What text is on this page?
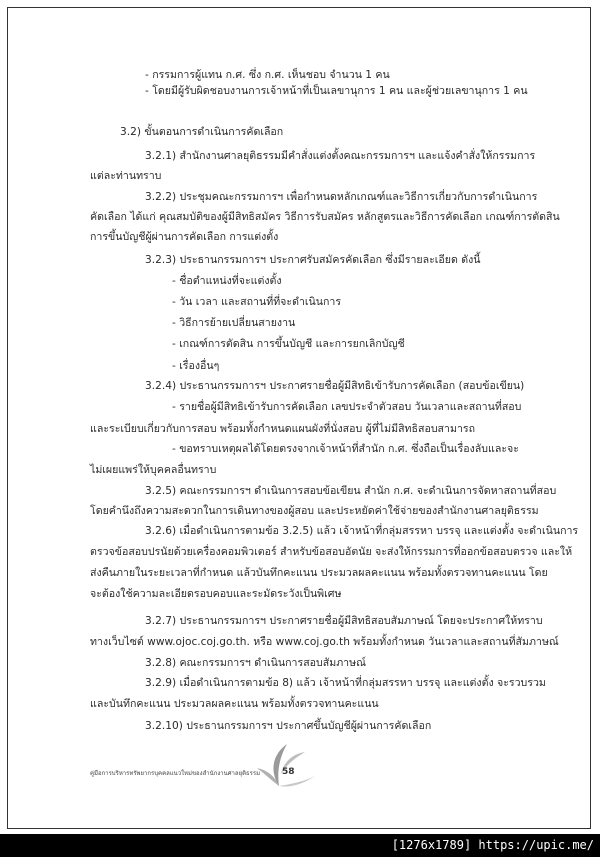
- กรรมการผู้แทน ก.ศ. ซึ่ง ก.ศ. เห็นชอบ จำนวน 1 คน
- โดยมีผู้รับผิดชอบงานการเจ้าหน้าที่เป็นเลขานุการ 1 คน และผู้ช่วยเลขานุการ 1 คน
3.2) ขั้นตอนการดำเนินการคัดเลือก
3.2.1) สำนักงานศาลยุติธรรมมีคำสั่งแต่งตั้งคณะกรรมการฯ และแจ้งคำสั่งให้กรรมการ
แต่ละท่านทราบ
3.2.2) ประชุมคณะกรรมการฯ เพื่อกำหนดหลักเกณฑ์และวิธีการเกี่ยวกับการดำเนินการ
คัดเลือก ได้แก่ คุณสมบัติของผู้มีสิทธิสมัคร วิธีการรับสมัคร หลักสูตรและวิธีการคัดเลือก เกณฑ์การตัดสิน
การขึ้นบัญชีผู้ผ่านการคัดเลือก การแต่งตั้ง
3.2.3) ประธานกรรมการฯ ประกาศรับสมัครคัดเลือก ซึ่งมีรายละเอียด ดังนี้
- ชื่อตำแหน่งที่จะแต่งตั้ง
- วัน เวลา และสถานที่ที่จะดำเนินการ
- วิธีการย้ายเปลี่ยนสายงาน
- เกณฑ์การตัดสิน การขึ้นบัญชี และการยกเลิกบัญชี
- เรื่องอื่นๆ
3.2.4) ประธานกรรมการฯ ประกาศรายชื่อผู้มีสิทธิเข้ารับการคัดเลือก (สอบข้อเขียน)
- รายชื่อผู้มีสิทธิเข้ารับการคัดเลือก เลขประจำตัวสอบ วันเวลาและสถานที่สอบ
และระเบียบเกี่ยวกับการสอบ พร้อมทั้งกำหนดแผนผังที่นั่งสอบ ผู้ที่ไม่มีสิทธิสอบสามารถ
- ขอทราบเหตุผลได้โดยตรงจากเจ้าหน้าที่สำนัก ก.ศ. ซึ่งถือเป็นเรื่องลับและจะ
ไม่เผยแพร่ให้บุคคลอื่นทราบ
3.2.5) คณะกรรมการฯ ดำเนินการสอบข้อเขียน สำนัก ก.ศ. จะดำเนินการจัดหาสถานที่สอบ
โดยคำนึงถึงความสะดวกในการเดินทางของผู้สอบ และประหยัดค่าใช้จ่ายของสำนักงานศาลยุติธรรม
3.2.6) เมื่อดำเนินการตามข้อ 3.2.5) แล้ว เจ้าหน้าที่กลุ่มสรรหา บรรจุ และแต่งตั้ง จะดำเนินการ
ตรวจข้อสอบปรนัยด้วยเครื่องคอมพิวเตอร์ สำหรับข้อสอบอัตนัย จะส่งให้กรรมการที่ออกข้อสอบตรวจ และให้
ส่งคืนภายในระยะเวลาที่กำหนด แล้วบันทึกคะแนน ประมวลผลคะแนน พร้อมทั้งตรวจทานคะแนน โดย
จะต้องใช้ความละเอียดรอบคอบและระมัดระวังเป็นพิเศษ
3.2.7) ประธานกรรมการฯ ประกาศรายชื่อผู้มีสิทธิสอบสัมภาษณ์ โดยจะประกาศให้ทราบ
ทางเว็บไซต์ www.ojoc.coj.go.th. หรือ www.coj.go.th พร้อมทั้งกำหนด วันเวลาและสถานที่สัมภาษณ์
3.2.8) คณะกรรมการฯ ดำเนินการสอบสัมภาษณ์
3.2.9) เมื่อดำเนินการตามข้อ 8) แล้ว เจ้าหน้าที่กลุ่มสรรหา บรรจุ และแต่งตั้ง จะรวบรวม
และบันทึกคะแนน ประมวลผลคะแนน พร้อมทั้งตรวจทานคะแนน
3.2.10) ประธานกรรมการฯ ประกาศขึ้นบัญชีผู้ผ่านการคัดเลือก
คู่มือการบริหารทรัพยากรบุคคลแนวใหม่ของสำนักงานศาลยุติธรรม 58
[1276x1789] https://upic.me/
